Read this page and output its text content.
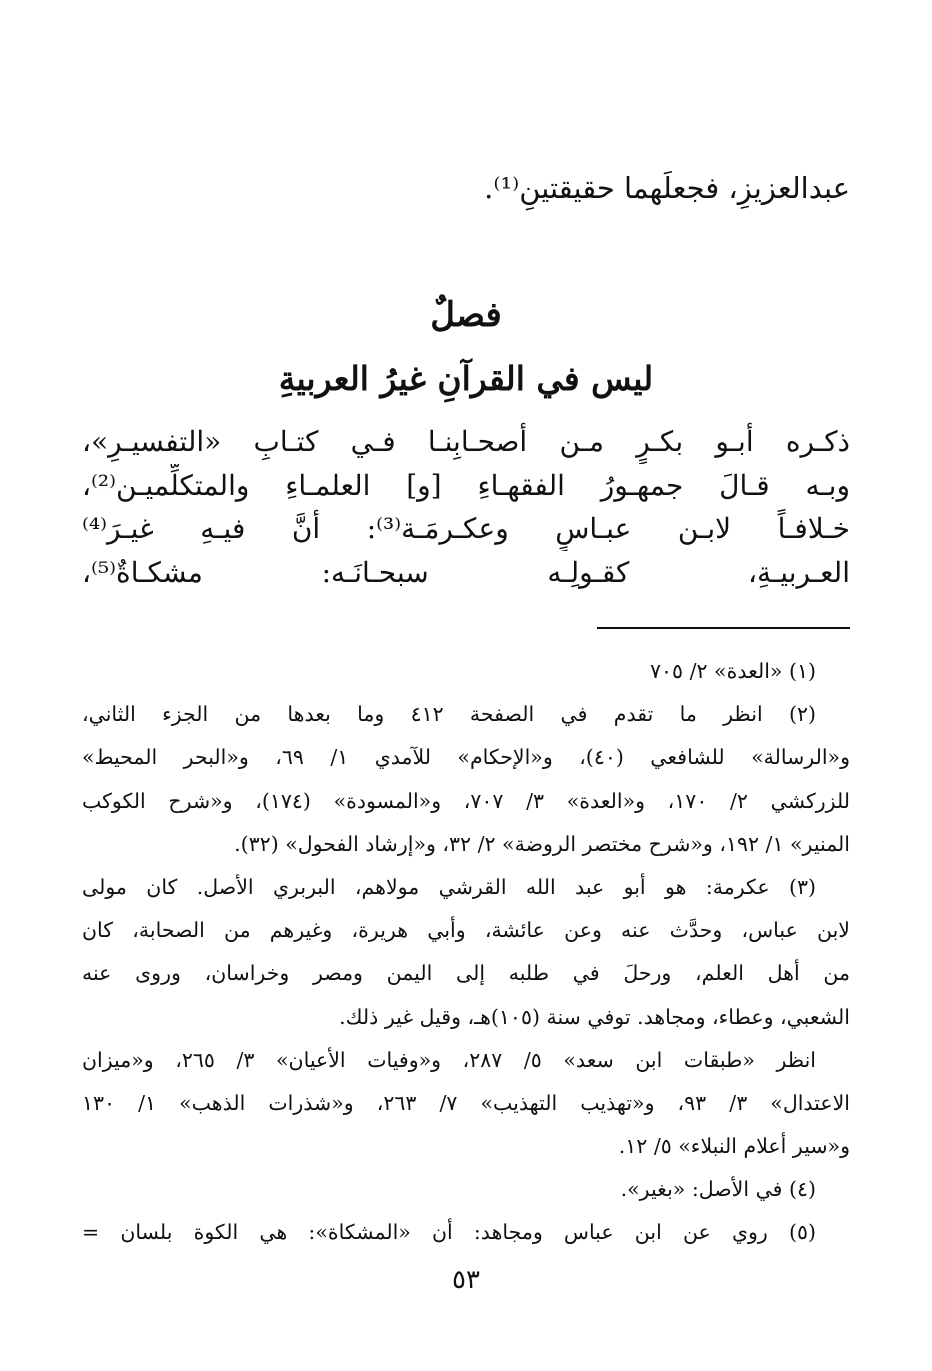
عبدالعزيزِ، فجعلَهما حقيقتينِ⁽¹⁾.
فصلٌ
ليس في القرآنِ غيرُ العربيةِ
ذكـره أبـو بكـرٍ مـن أصحـابِنـا فـي كتـابِ «التفسيـرِ»،
وبـه قـالَ جمهـورُ الفقهـاءِ [و] العلمـاءِ والمتكلِّميـن⁽²⁾،
خـلافـاً لابـن عبـاسٍ وعكـرمَـة⁽³⁾: أنَّ فيـهِ غيـرَ⁽⁴⁾
العـربيـةِ، كقـولِـه سبحـانَـه: مشكـاةٌ⁽⁵⁾،
(١) «العدة» ٢/ ٧٠٥
(٢) انظر ما تقدم في الصفحة ٤١٢ وما بعدها من الجزء الثاني،
و«الرسالة» للشافعي (٤٠)، و«الإحكام» للآمدي ١/ ٦٩، و«البحر المحيط»
للزركشي ٢/ ١٧٠، و«العدة» ٣/ ٧٠٧، و«المسودة» (١٧٤)، و«شرح الكوكب
المنير» ١/ ١٩٢، و«شرح مختصر الروضة» ٢/ ٣٢، و«إرشاد الفحول» (٣٢).
(٣) عكرمة: هو أبو عبد الله القرشي مولاهم، البربري الأصل. كان مولى
لابن عباس، وحدَّث عنه وعن عائشة، وأبي هريرة، وغيرهم من الصحابة، كان
من أهل العلم، ورحلَ في طلبه إلى اليمن ومصر وخراسان، وروى عنه
الشعبي، وعطاء، ومجاهد. توفي سنة (١٠٥)هـ، وقيل غير ذلك.
انظر «طبقات ابن سعد» ٥/ ٢٨٧، و«وفيات الأعيان» ٣/ ٢٦٥، و«ميزان
الاعتدال» ٣/ ٩٣، و«تهذيب التهذيب» ٧/ ٢٦٣، و«شذرات الذهب» ١/ ١٣٠
و«سير أعلام النبلاء» ٥/ ١٢.
(٤) في الأصل: «بغير».
(٥) روي عن ابن عباس ومجاهد: أن «المشكاة»: هي الكوة بلسان =
٥٣
